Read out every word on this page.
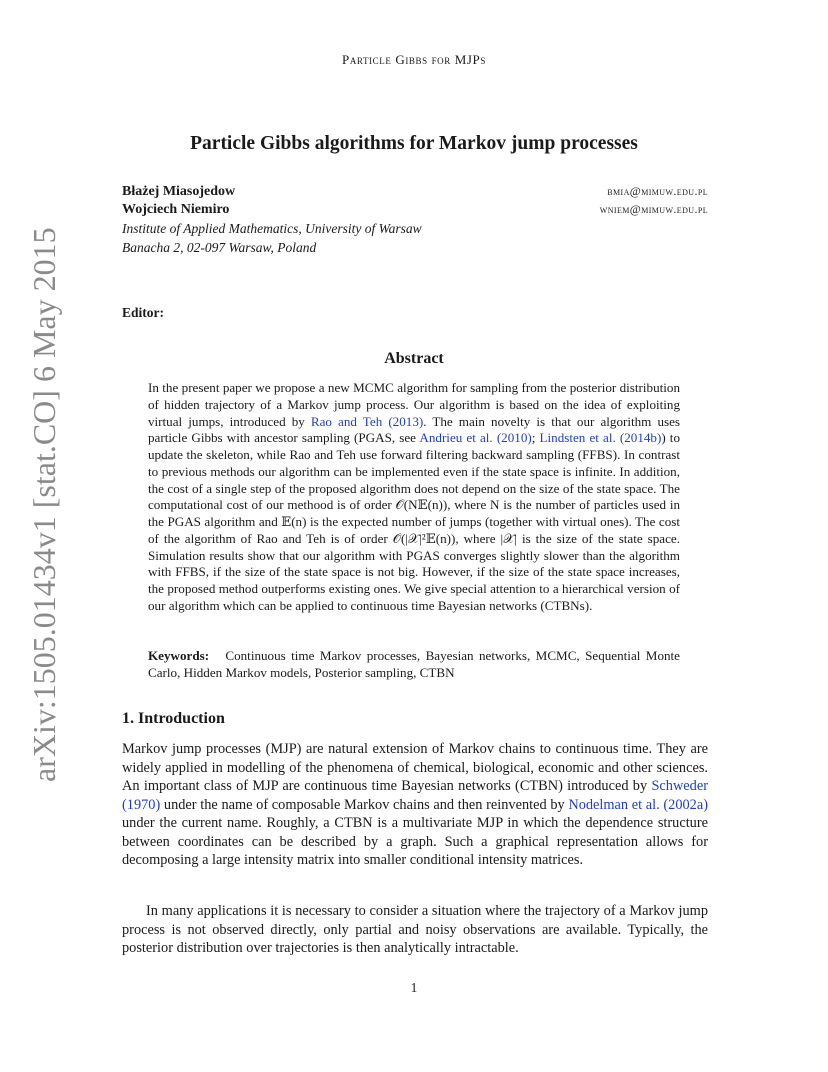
Particle Gibbs for MJPs
arXiv:1505.01434v1 [stat.CO] 6 May 2015
Particle Gibbs algorithms for Markov jump processes
Błażej Miasojedow	bmia@mimuw.edu.pl
Wojciech Niemiro	wniem@mimuw.edu.pl
Institute of Applied Mathematics, University of Warsaw
Banacha 2, 02-097 Warsaw, Poland
Editor:
Abstract
In the present paper we propose a new MCMC algorithm for sampling from the posterior distribution of hidden trajectory of a Markov jump process. Our algorithm is based on the idea of exploiting virtual jumps, introduced by Rao and Teh (2013). The main novelty is that our algorithm uses particle Gibbs with ancestor sampling (PGAS, see Andrieu et al. (2010); Lindsten et al. (2014b)) to update the skeleton, while Rao and Teh use forward filtering backward sampling (FFBS). In contrast to previous methods our algorithm can be implemented even if the state space is infinite. In addition, the cost of a single step of the proposed algorithm does not depend on the size of the state space. The computational cost of our methood is of order 𝒪(N𝔼(n)), where N is the number of particles used in the PGAS algorithm and 𝔼(n) is the expected number of jumps (together with virtual ones). The cost of the algorithm of Rao and Teh is of order 𝒪(|𝒳|²𝔼(n)), where |𝒳| is the size of the state space. Simulation results show that our algorithm with PGAS converges slightly slower than the algorithm with FFBS, if the size of the state space is not big. However, if the size of the state space increases, the proposed method outperforms existing ones. We give special attention to a hierarchical version of our algorithm which can be applied to continuous time Bayesian networks (CTBNs).
Keywords: Continuous time Markov processes, Bayesian networks, MCMC, Sequential Monte Carlo, Hidden Markov models, Posterior sampling, CTBN
1. Introduction
Markov jump processes (MJP) are natural extension of Markov chains to continuous time. They are widely applied in modelling of the phenomena of chemical, biological, economic and other sciences. An important class of MJP are continuous time Bayesian networks (CTBN) introduced by Schweder (1970) under the name of composable Markov chains and then reinvented by Nodelman et al. (2002a) under the current name. Roughly, a CTBN is a multivariate MJP in which the dependence structure between coordinates can be described by a graph. Such a graphical representation allows for decomposing a large intensity matrix into smaller conditional intensity matrices.
In many applications it is necessary to consider a situation where the trajectory of a Markov jump process is not observed directly, only partial and noisy observations are available. Typically, the posterior distribution over trajectories is then analytically intractable.
1
